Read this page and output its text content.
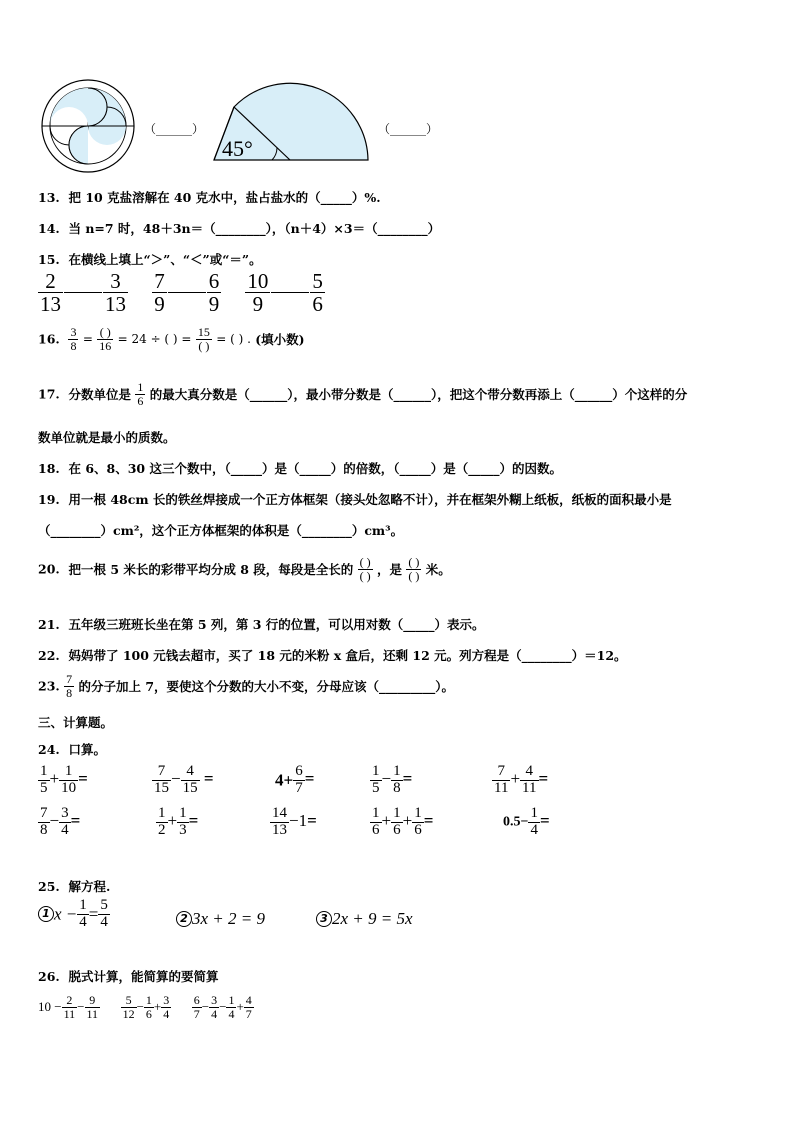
（______）
45°
（______）
13. 把 10 克盐溶解在 40 克水中，盐占盐水的（_____）%.
14. 当 n=7 时，48＋3n＝（________），（n＋4）×3＝（________）
15. 在横线上填上“＞”、“＜”或“＝”。
$\frac{2}{13} \frac{3}{13}$
$\frac{7}{9} \frac{6}{9}$
$\frac{10}{9} \frac{5}{6}$
16. $\frac{3}{8}$ =
( )
16 = 24 ÷ ( ) =
15
( ) = ( ) . (填小数)
17. 分数单位是 $\frac{1}{6}$ 的最大真分数是（______），最小带分数是（______），把这个带分数再添上（______）个这样的分
数单位就是最小的质数。
18. 在 6、8、30 这三个数中，（_____）是（_____）的倍数，（_____）是（_____）的因数。
19. 用一根 48cm 长的铁丝焊接成一个正方体框架（接头处忽略不计），并在框架外糊上纸板，纸板的面积最小是
（________）cm²，这个正方体框架的体积是（________）cm³。
20. 把一根 5 米长的彩带平均分成 8 段，每段是全长的
( )
( ) ，是
( )
( ) 米。
21. 五年级三班班长坐在第 5 列，第 3 行的位置，可以用对数（_____）表示。
22. 妈妈带了 100 元钱去超市，买了 18 元的米粉 x 盒后，还剩 12 元。列方程是（________）＝12。
23. $\frac{7}{8}$ 的分子加上 7，要使这个分数的大小不变，分母应该（_________）。
三、计算题。
24. 口算。
$\frac{1}{5} + \frac{1}{10}$ =	$\frac{7}{15} - \frac{4}{15}$ =	$4+ \frac{6}{7}$ =	$\frac{1}{5} - \frac{1}{8}$ =	$\frac{7}{11} + \frac{4}{11}$ =
$\frac{7}{8} - \frac{3}{4}$ =	$\frac{1}{2} + \frac{1}{3}$ =	$\frac{14}{13} -1=$	$\frac{1}{6} + \frac{1}{6} + \frac{1}{6}$ =	$0.5- \frac{1}{4}$ =
25. 解方程.
1 $x - \frac{1}{4} = \frac{5}{4}$	2 3x + 2 = 9	3 2x + 9 = 5x
26. 脱式计算，能简算的要简算
$10 - \frac{2}{11} - \frac{9}{11}$
$\frac{5}{12} - \frac{1}{6} + \frac{3}{4}$
$\frac{6}{7} - \frac{3}{4} - \frac{1}{4} + \frac{4}{7}$
